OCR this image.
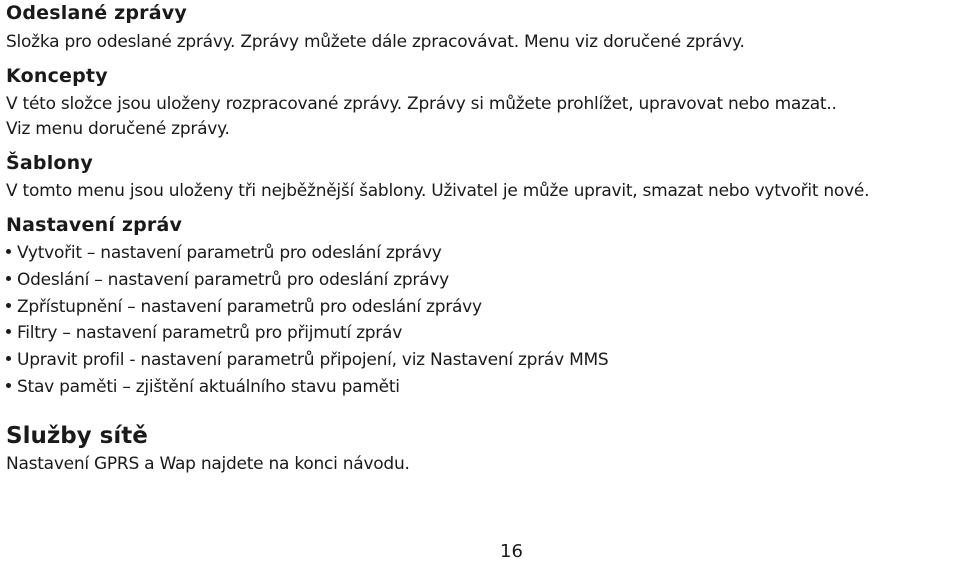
Odeslané zprávy
Složka pro odeslané zprávy. Zprávy můžete dále zpracovávat. Menu viz doručené zprávy.
Koncepty
V této složce jsou uloženy rozpracované zprávy. Zprávy si můžete prohlížet, upravovat nebo mazat..
Viz menu doručené zprávy.
Šablony
V tomto menu jsou uloženy tři nejběžnější šablony. Uživatel je může upravit, smazat nebo vytvořit nové.
Nastavení zpráv
Vytvořit – nastavení parametrů pro odeslání zprávy
Odeslání – nastavení parametrů pro odeslání zprávy
Zpřístupnění – nastavení parametrů pro odeslání zprávy
Filtry – nastavení parametrů pro přijmutí zpráv
Upravit profil - nastavení parametrů připojení, viz Nastavení zpráv MMS
Stav paměti – zjištění aktuálního stavu paměti
Služby sítě
Nastavení GPRS a Wap najdete na konci návodu.
16
